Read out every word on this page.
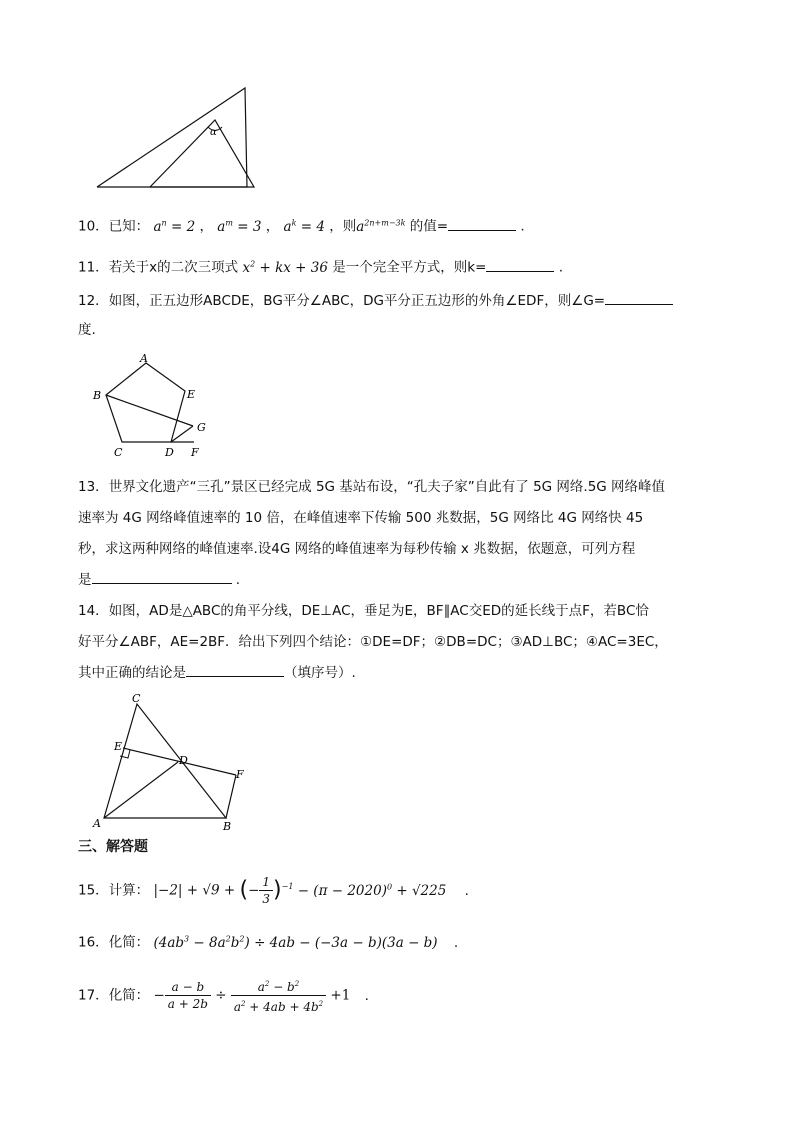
α
10．已知： $a^n = 2$ ， $a^m = 3$ ， $a^k = 4$ ，则$a^{2n+m-3k}$ 的值=	.
11．若关于x的二次三项式 $x^2$ + kx + 36 是一个完全平方式，则k=	.
12．如图，正五边形ABCDE，BG平分∠ABC，DG平分正五边形的外角∠EDF，则∠G=
度.
A
B	E
G
C	D F
13．世界文化遗产“三孔”景区已经完成 5G 基站布设，“孔夫子家”自此有了 5G 网络.5G 网络峰值
速率为 4G 网络峰值速率的 10 倍，在峰值速率下传输 500 兆数据，5G 网络比 4G 网络快 45
秒，求这两种网络的峰值速率.设4G 网络的峰值速率为每秒传输 x 兆数据，依题意，可列方程
是	.
14．如图，AD是△ABC的角平分线，DE⊥AC，垂足为E，BF∥AC交ED的延长线于点F，若BC恰
好平分∠ABF，AE=2BF．给出下列四个结论：①DE=DF；②DB=DC；③AD⊥BC；④AC=3EC，
其中正确的结论是	（填序号）.
C
E
D
F
A	B
三、解答题
15．计算： |−2| + √9 + (− $\frac{1}{3} )^{-1} - (\pi - 2020)^0 + √225$ .
16．化简： $(4ab^3 - 8a^2b^2) \div 4ab - (-3a - b)(3a - b)$ .
17．化简： − $\frac{a - b}{a + 2b} \div \frac{a^2 - b^2}{a^2 + 4ab + 4b^2} +1$ .
